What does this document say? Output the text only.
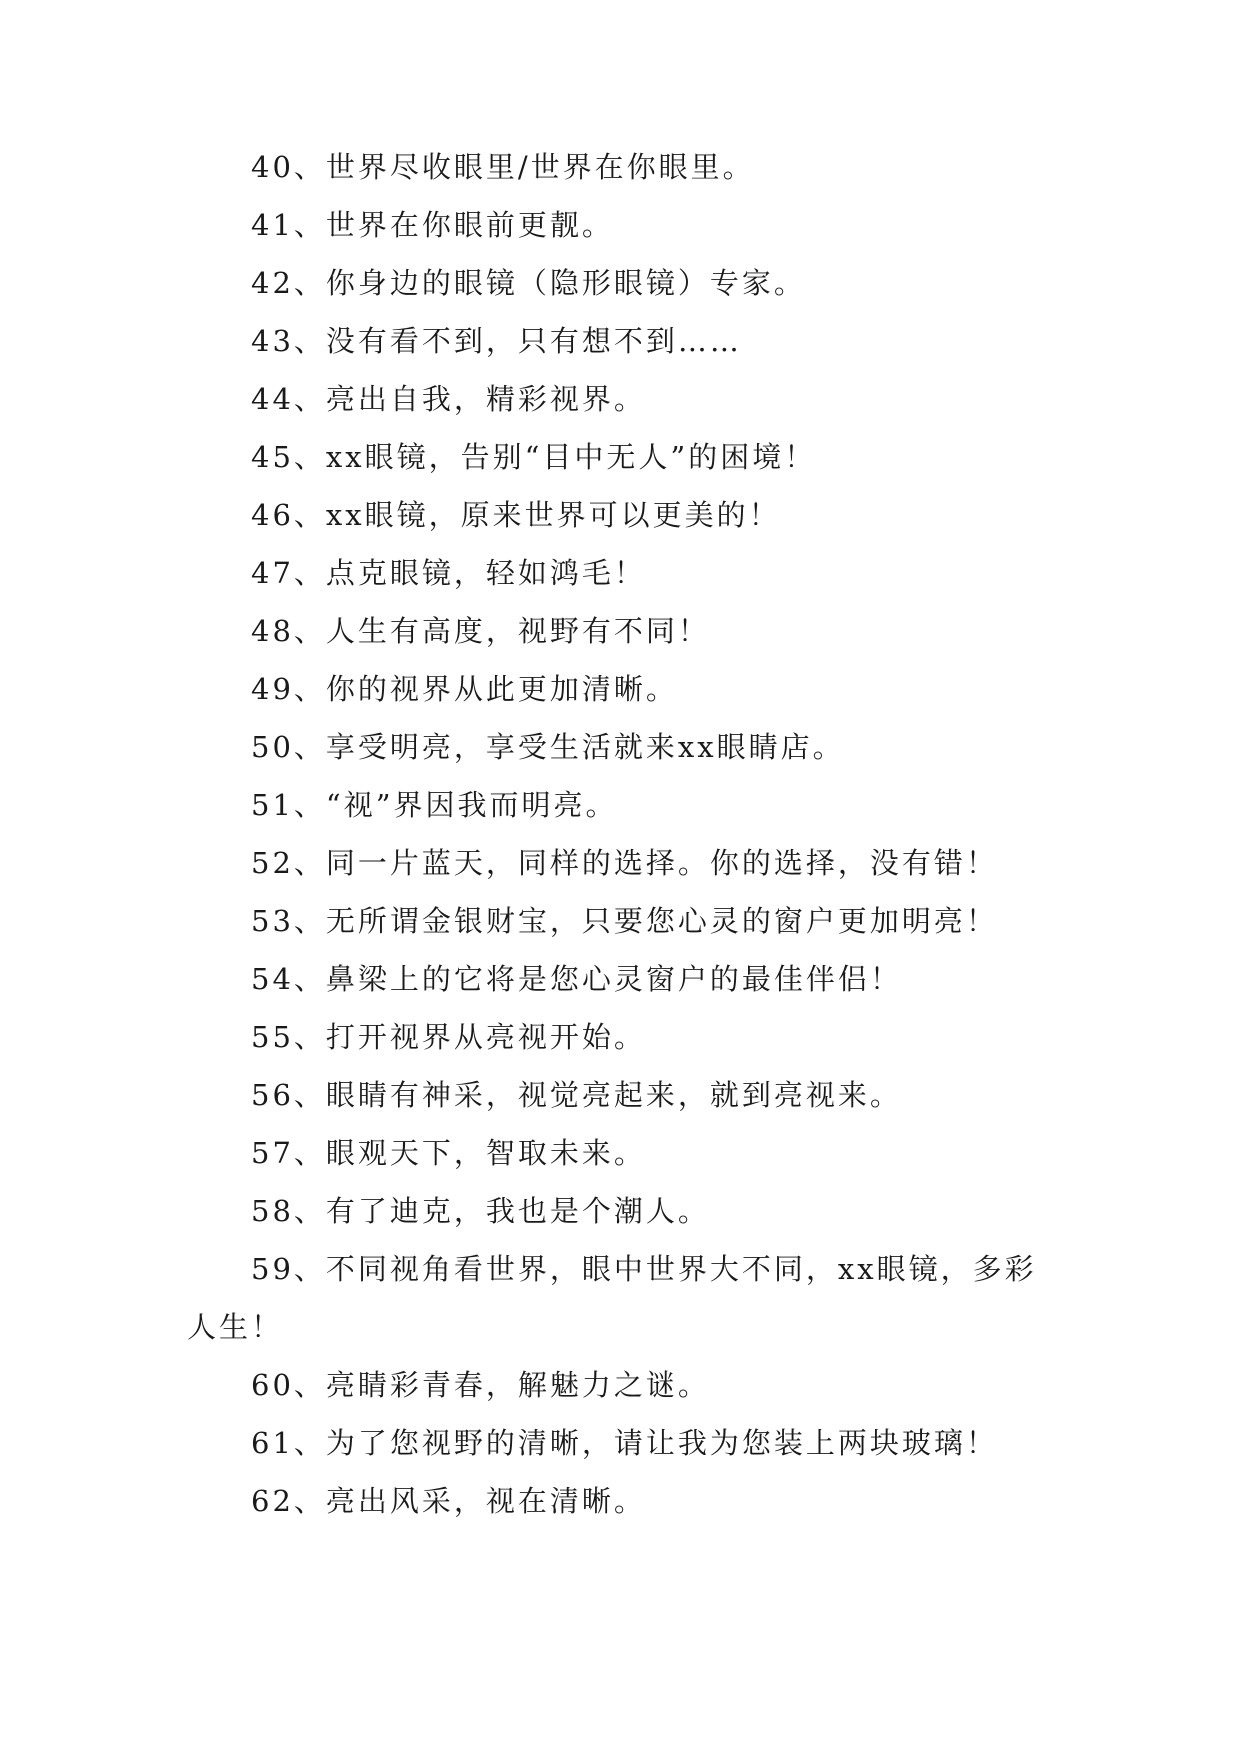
40、世界尽收眼里/世界在你眼里。
41、世界在你眼前更靓。
42、你身边的眼镜（隐形眼镜）专家。
43、没有看不到，只有想不到……
44、亮出自我，精彩视界。
45、xx眼镜，告别“目中无人”的困境！
46、xx眼镜，原来世界可以更美的！
47、点克眼镜，轻如鸿毛！
48、人生有高度，视野有不同！
49、你的视界从此更加清晰。
50、享受明亮，享受生活就来xx眼睛店。
51、“视”界因我而明亮。
52、同一片蓝天，同样的选择。你的选择，没有错！
53、无所谓金银财宝，只要您心灵的窗户更加明亮！
54、鼻梁上的它将是您心灵窗户的最佳伴侣！
55、打开视界从亮视开始。
56、眼睛有神采，视觉亮起来，就到亮视来。
57、眼观天下，智取未来。
58、有了迪克，我也是个潮人。
59、不同视角看世界，眼中世界大不同，xx眼镜，多彩人生！
60、亮睛彩青春，解魅力之谜。
61、为了您视野的清晰，请让我为您装上两块玻璃！
62、亮出风采，视在清晰。
